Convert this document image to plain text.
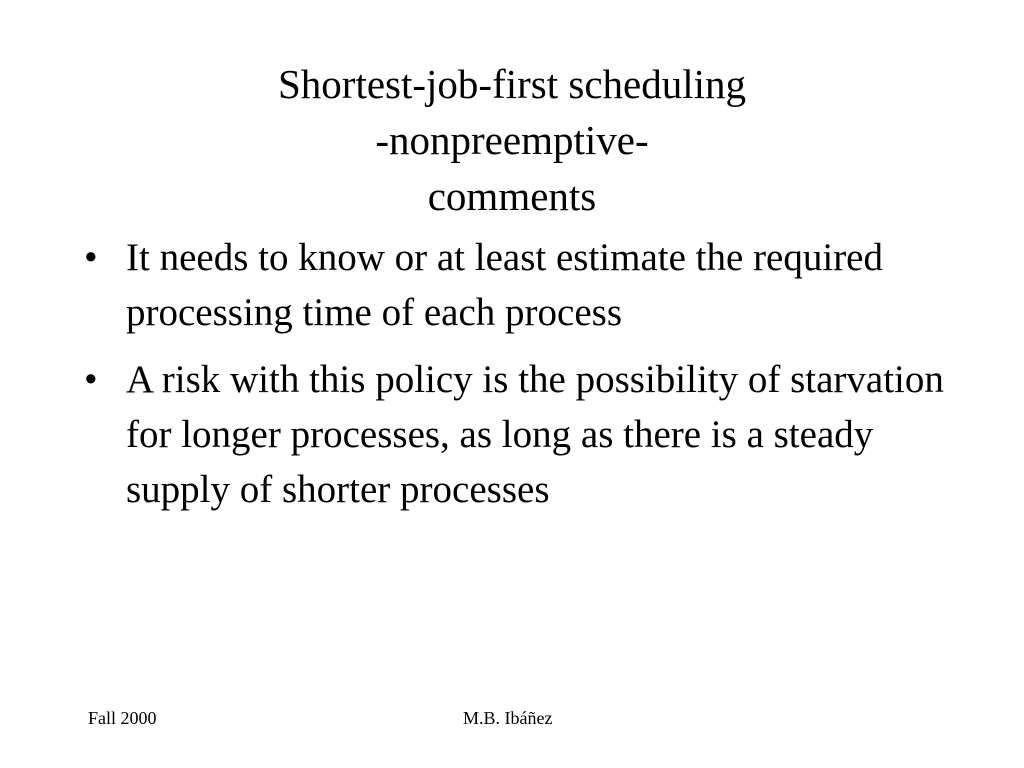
Shortest-job-first scheduling
-nonpreemptive-
comments
• It needs to know or at least estimate the required processing time of each process
• A risk with this policy is the possibility of starvation for longer processes, as long as there is a steady supply of shorter processes
Fall 2000	M.B. Ibáñez
